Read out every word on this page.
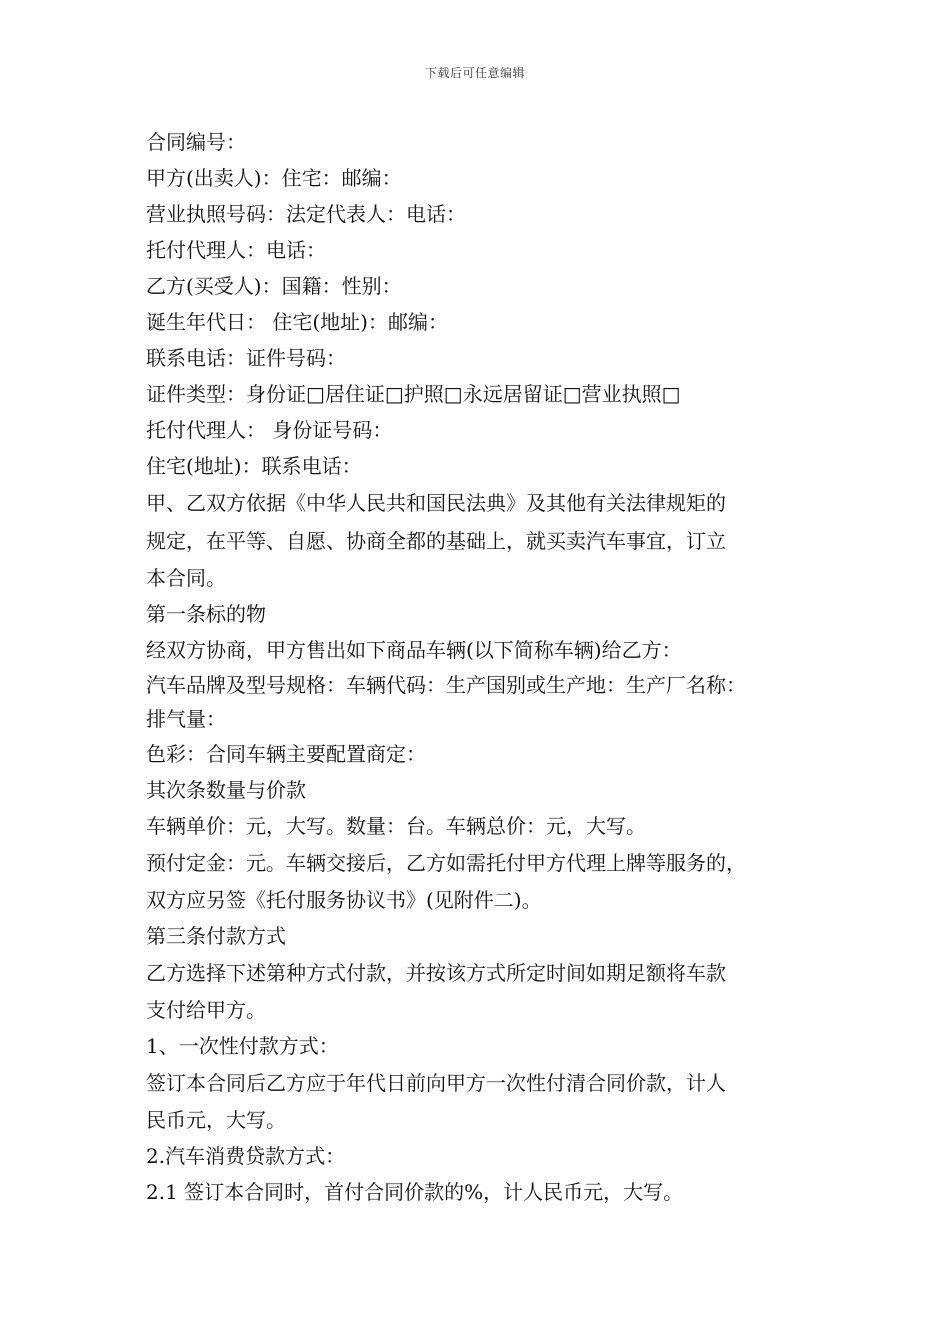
下载后可任意编辑
合同编号：
甲方(出卖人)：住宅：邮编：
营业执照号码：法定代表人：电话：
托付代理人：电话：
乙方(买受人)：国籍：性别：
诞生年代日： 住宅(地址)：邮编：
联系电话：证件号码：
证件类型：身份证□居住证□护照□永远居留证□营业执照□
托付代理人： 身份证号码：
住宅(地址)：联系电话：
甲、乙双方依据《中华人民共和国民法典》及其他有关法律规矩的
规定，在平等、自愿、协商全都的基础上，就买卖汽车事宜，订立
本合同。
第一条标的物
经双方协商，甲方售出如下商品车辆(以下简称车辆)给乙方：
汽车品牌及型号规格：车辆代码：生产国别或生产地：生产厂名称：
排气量：
色彩：合同车辆主要配置商定：
其次条数量与价款
车辆单价：元，大写。数量：台。车辆总价：元，大写。
预付定金：元。车辆交接后，乙方如需托付甲方代理上牌等服务的，
双方应另签《托付服务协议书》(见附件二)。
第三条付款方式
乙方选择下述第种方式付款，并按该方式所定时间如期足额将车款
支付给甲方。
1、一次性付款方式：
签订本合同后乙方应于年代日前向甲方一次性付清合同价款，计人
民币元，大写。
2.汽车消费贷款方式：
2.1 签订本合同时，首付合同价款的%，计人民币元，大写。
